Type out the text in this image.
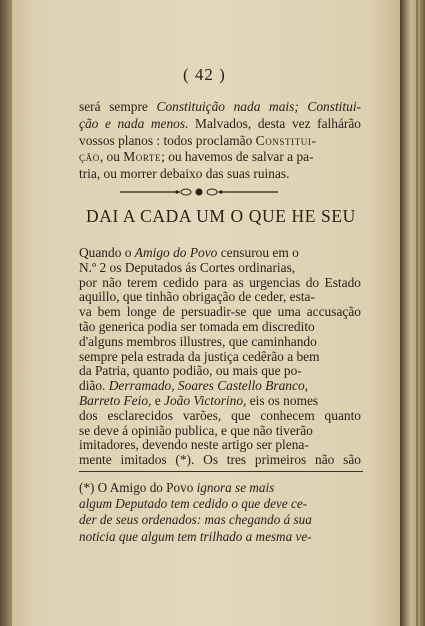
( 42 )
será sempre Constituição nada mais; Constitui-
ção e nada menos. Malvados, desta vez falhárão
vossos planos : todos proclamão Constitui-
ção, ou Morte; ou havemos de salvar a pa-
tria, ou morrer debaixo das suas ruinas.
DAI A CADA UM O QUE HE SEU
Quando o Amigo do Povo censurou em o
N.º 2 os Deputados ás Cortes ordinarias,
por não terem cedido para as urgencias do Estado
aquillo, que tinhão obrigação de ceder, esta-
va bem longe de persuadir-se que uma accusação
tão generica podia ser tomada em discredito
d'alguns membros illustres, que caminhando
sempre pela estrada da justiça cedêrão a bem
da Patria, quanto podião, ou mais que po-
dião. Derramado, Soares Castello Branco,
Barreto Feio, e João Victorino, eis os nomes
dos esclarecidos varões, que conhecem quanto
se deve á opinião publica, e que não tiverão
imitadores, devendo neste artigo ser plena-
mente imitados (*). Os tres primeiros não são
(*) O Amigo do Povo ignora se mais
algum Deputado tem cedido o que deve ce-
der de seus ordenados: mas chegando á sua
noticia que algum tem trilhado a mesma ve-
